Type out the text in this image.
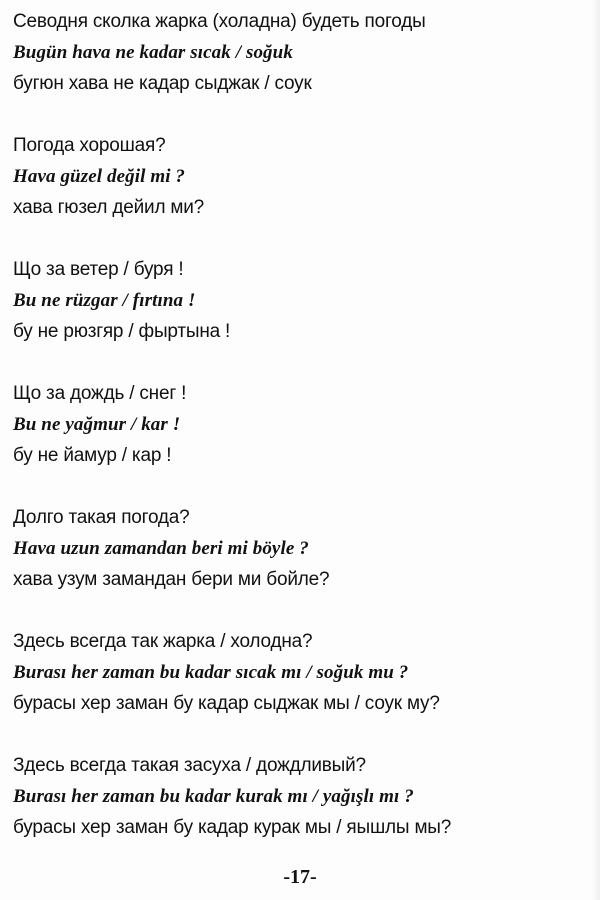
Севодня сколка жарка (холадна) будеть погоды
Bugün hava ne kadar sıcak / soğuk
бугюн хава не кадар сыджак / соук
Погода хорошая?
Hava güzel değil mi ?
хава гюзел дейил ми?
Що за ветер / буря !
Bu ne rüzgar / fırtına !
бу не рюзгяр / фыртына !
Що за дождь / снег !
Bu ne yağmur / kar !
бу не йамур / кар !
Долго такая погода?
Hava uzun zamandan beri mi böyle ?
хава узум замандан бери ми бойле?
Здесь всегда так жарка / холодна?
Burası her zaman bu kadar sıcak mı / soğuk mu ?
бурасы хер заман бу кадар сыджак мы / соук му?
Здесь всегда такая засуха / дождливый?
Burası her zaman bu kadar kurak mı / yağışlı mı ?
бурасы хер заман бу кадар курак мы / яышлы мы?
-17-
